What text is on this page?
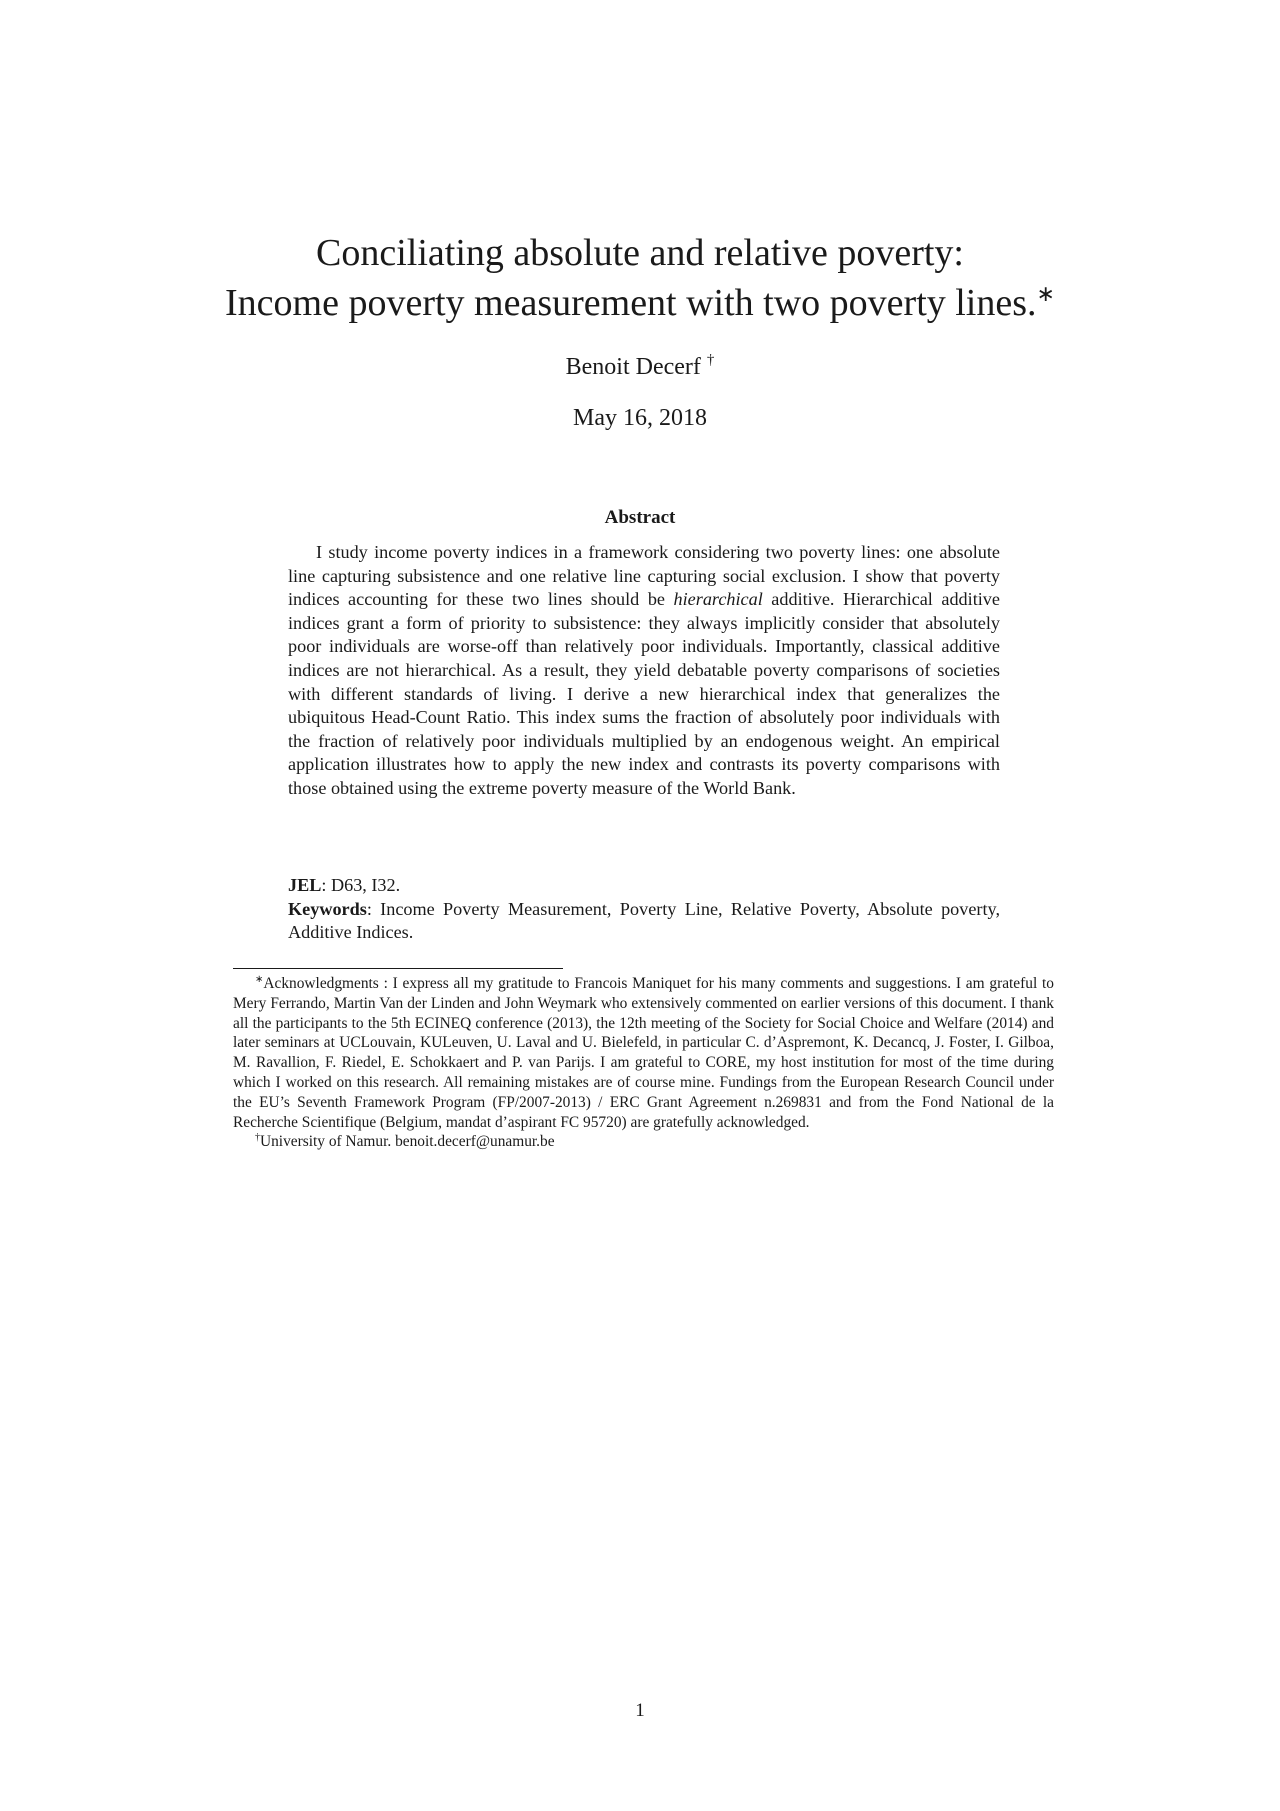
Conciliating absolute and relative poverty:
Income poverty measurement with two poverty lines.∗
Benoit Decerf †
May 16, 2018
Abstract

I study income poverty indices in a framework considering two poverty lines: one absolute line capturing subsistence and one relative line capturing social exclusion. I show that poverty indices accounting for these two lines should be hierarchical additive. Hierarchical additive indices grant a form of priority to subsistence: they always implicitly consider that absolutely poor individuals are worse-off than relatively poor individuals. Importantly, classical additive indices are not hierarchical. As a result, they yield debatable poverty comparisons of societies with different standards of living. I derive a new hierarchical index that generalizes the ubiquitous Head-Count Ratio. This index sums the fraction of absolutely poor individuals with the fraction of relatively poor individuals multiplied by an endogenous weight. An empirical application illustrates how to apply the new index and contrasts its poverty comparisons with those obtained using the extreme poverty measure of the World Bank.

JEL: D63, I32.
Keywords: Income Poverty Measurement, Poverty Line, Relative Poverty, Absolute poverty, Additive Indices.

∗Acknowledgments : I express all my gratitude to Francois Maniquet for his many comments and suggestions. I am grateful to Mery Ferrando, Martin Van der Linden and John Weymark who extensively commented on earlier versions of this document. I thank all the participants to the 5th ECINEQ conference (2013), the 12th meeting of the Society for Social Choice and Welfare (2014) and later seminars at UCLouvain, KULeuven, U. Laval and U. Bielefeld, in particular C. d’Aspremont, K. Decancq, J. Foster, I. Gilboa, M. Ravallion, F. Riedel, E. Schokkaert and P. van Parijs. I am grateful to CORE, my host institution for most of the time during which I worked on this research. All remaining mistakes are of course mine. Fundings from the European Research Council under the EU’s Seventh Framework Program (FP/2007-2013) / ERC Grant Agreement n.269831 and from the Fond National de la Recherche Scientifique (Belgium, mandat d’aspirant FC 95720) are gratefully acknowledged.

†University of Namur. benoit.decerf@unamur.be

1
